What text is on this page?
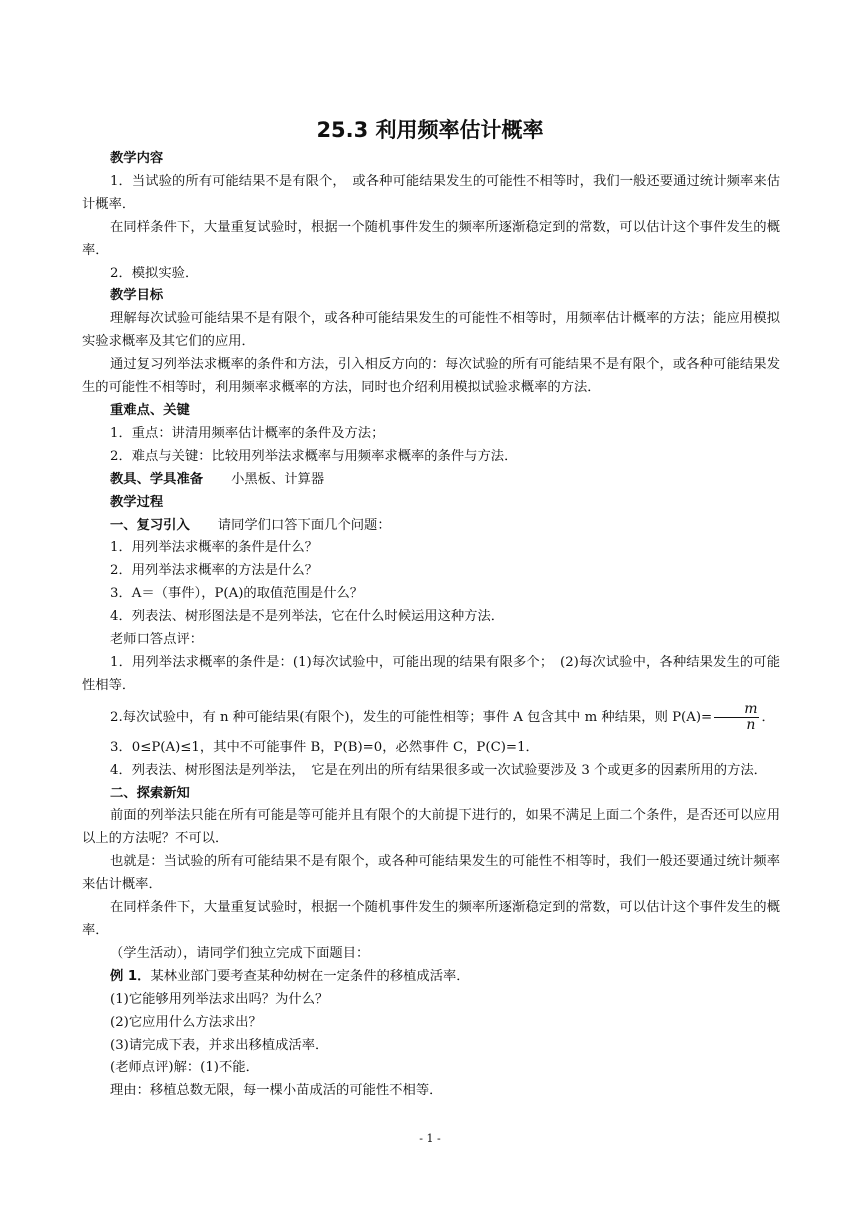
25.3 利用频率估计概率

教学内容

1．当试验的所有可能结果不是有限个，　或各种可能结果发生的可能性不相等时，我们一般还要通过统计频率来估计概率．

在同样条件下，大量重复试验时，根据一个随机事件发生的频率所逐渐稳定到的常数，可以估计这个事件发生的概率．

2．模拟实验．

教学目标

理解每次试验可能结果不是有限个，或各种可能结果发生的可能性不相等时，用频率估计概率的方法；能应用模拟实验求概率及其它们的应用．

通过复习列举法求概率的条件和方法，引入相反方向的：每次试验的所有可能结果不是有限个，或各种可能结果发生的可能性不相等时，利用频率求概率的方法，同时也介绍利用模拟试验求概率的方法．

重难点、关键

1．重点：讲清用频率估计概率的条件及方法；

2．难点与关键：比较用列举法求概率与用频率求概率的条件与方法．

教具、学具准备 小黑板、计算器

教学过程

一、复习引入 请同学们口答下面几个问题：

1．用列举法求概率的条件是什么？

2．用列举法求概率的方法是什么？

3．A＝（事件），P(A)的取值范围是什么？

4．列表法、树形图法是不是列举法，它在什么时候运用这种方法．

老师口答点评：

1．用列举法求概率的条件是：(1)每次试验中，可能出现的结果有限多个；　(2)每次试验中，各种结果发生的可能性相等．

2.每次试验中，有 n 种可能结果(有限个)，发生的可能性相等；事件 A 包含其中 m 种结果，则 $P(A)= \frac{m}{n}$ ．

3．0≤P(A)≤1，其中不可能事件 B，P(B)=0，必然事件 C，P(C)=1．

4．列表法、树形图法是列举法，　它是在列出的所有结果很多或一次试验要涉及 3 个或更多的因素所用的方法．

二、探索新知

前面的列举法只能在所有可能是等可能并且有限个的大前提下进行的，如果不满足上面二个条件，是否还可以应用以上的方法呢？不可以．

也就是：当试验的所有可能结果不是有限个，或各种可能结果发生的可能性不相等时，我们一般还要通过统计频率来估计概率．

在同样条件下，大量重复试验时，根据一个随机事件发生的频率所逐渐稳定到的常数，可以估计这个事件发生的概率．

（学生活动），请同学们独立完成下面题目：

例 1．某林业部门要考查某种幼树在一定条件的移植成活率．

(1)它能够用列举法求出吗？为什么？

(2)它应用什么方法求出？

(3)请完成下表，并求出移植成活率．

(老师点评)解：(1)不能．

理由：移植总数无限，每一棵小苗成活的可能性不相等．

- 1 -
